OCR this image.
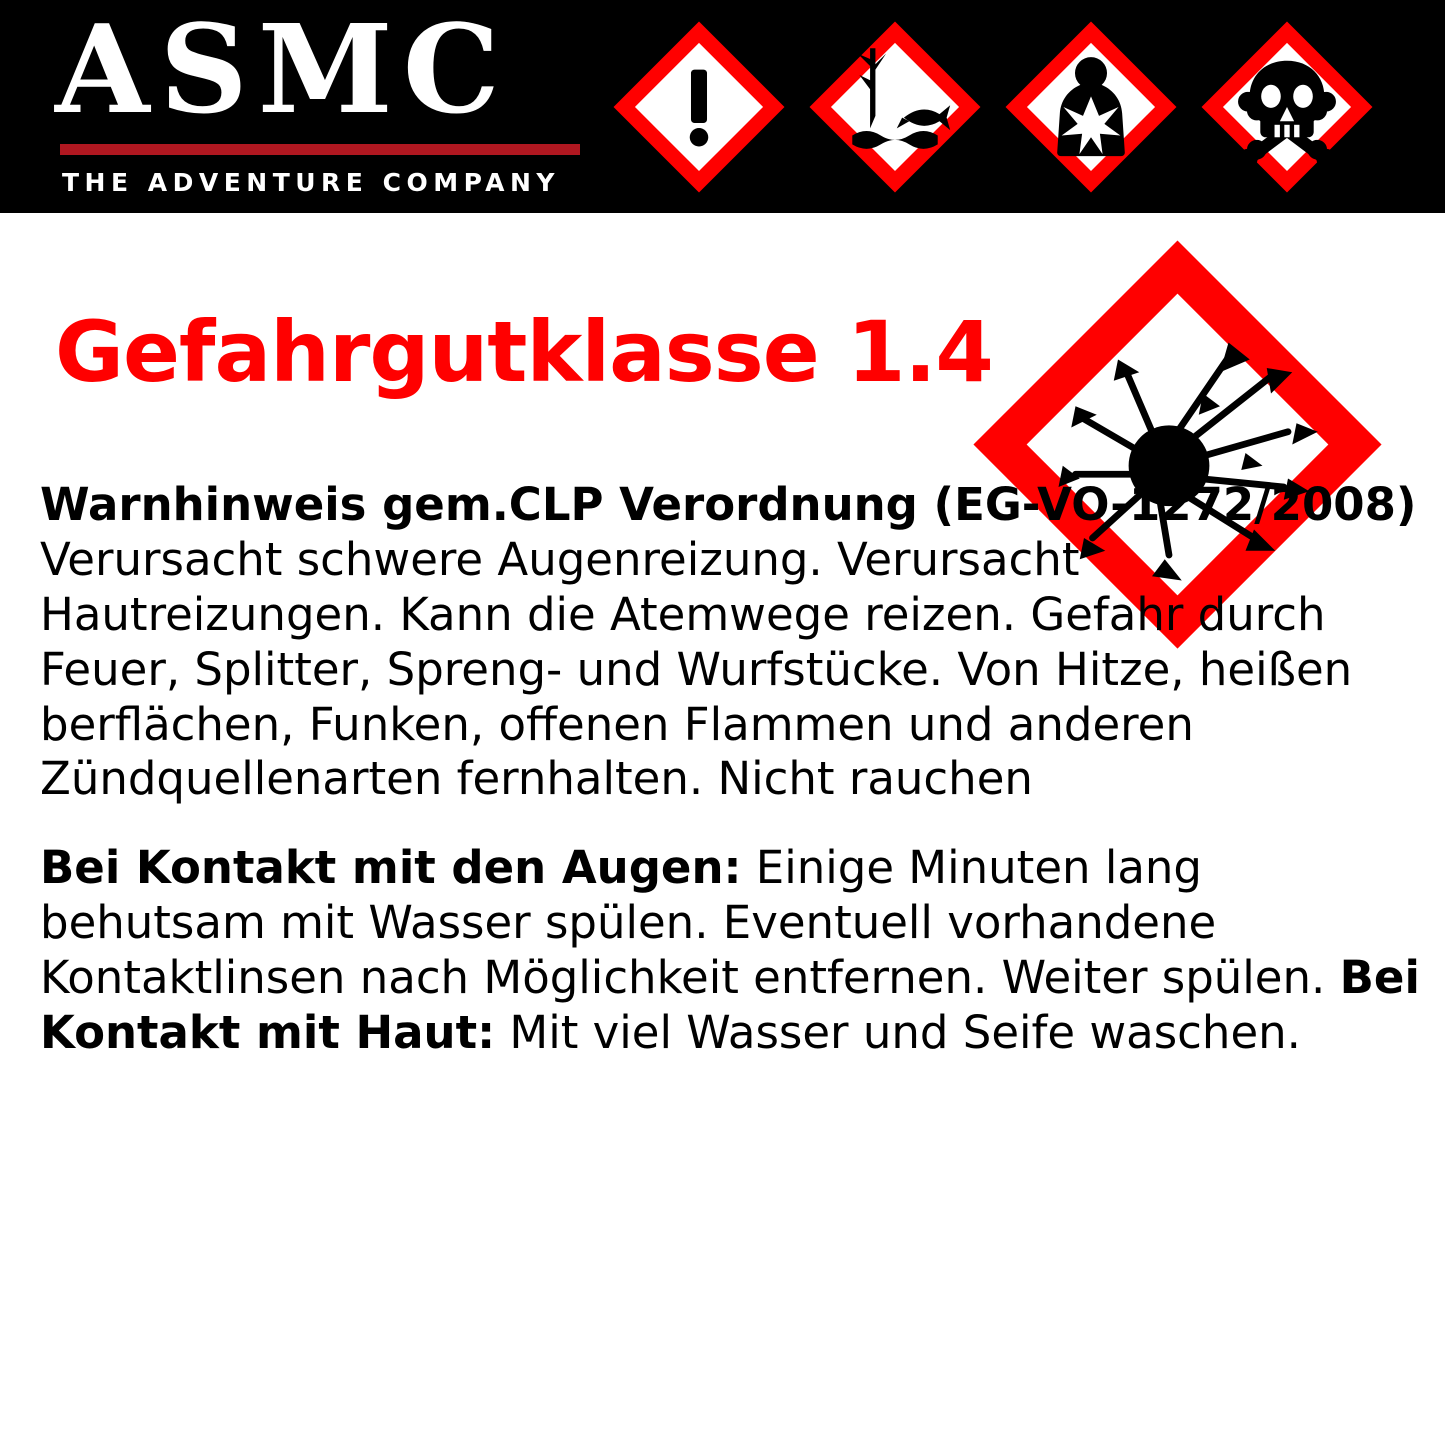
ASMC
THE ADVENTURE COMPANY
Gefahrgutklasse 1.4

Warnhinweis gem.CLP Verordnung (EG-VO-1272/2008)
Verursacht schwere Augenreizung. Verursacht Hautreizungen. Kann die Atemwege reizen. Gefahr durch Feuer, Splitter, Spreng- und Wurfstücke. Von Hitze, heißen berflächen, Funken, offenen Flammen und anderen Zündquellenarten fernhalten. Nicht rauchen

Bei Kontakt mit den Augen: Einige Minuten lang behutsam mit Wasser spülen. Eventuell vorhandene Kontaktlinsen nach Möglichkeit entfernen. Weiter spülen. Bei Kontakt mit Haut: Mit viel Wasser und Seife waschen.
